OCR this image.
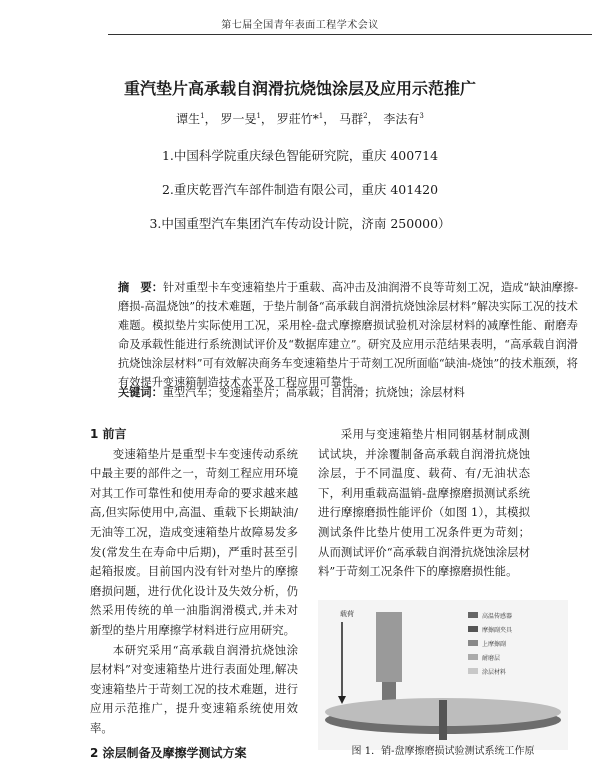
第七届全国青年表面工程学术会议
重汽垫片高承载自润滑抗烧蚀涂层及应用示范推广
谭生$^1$， 罗一旻$^1$， 罗莊竹*$^1$， 马群$^2$， 李法有$^3$
1.中国科学院重庆绿色智能研究院，重庆 400714
2.重庆乾晋汽车部件制造有限公司，重庆 401420
3.中国重型汽车集团汽车传动设计院，济南 250000）
摘　要：针对重型卡车变速箱垫片于重载、高冲击及油润滑不良等苛刻工况，造成“缺油摩擦-磨损-高温烧蚀”的技术难题，于垫片制备“高承载自润滑抗烧蚀涂层材料”解决实际工况的技术难题。模拟垫片实际使用工况，采用栓-盘式摩擦磨损试验机对涂层材料的减摩性能、耐磨寿命及承载性能进行系统测试评价及“数据库建立”。研究及应用示范结果表明，“高承载自润滑抗烧蚀涂层材料”可有效解决商务车变速箱垫片于苛刻工况所面临“缺油-烧蚀”的技术瓶颈，将有效提升变速箱制造技术水平及工程应用可靠性。
关键词：重型汽车；变速箱垫片；高承载；自润滑；抗烧蚀；涂层材料
1 前言

变速箱垫片是重型卡车变速传动系统中最主要的部件之一，苛刻工程应用环境对其工作可靠性和使用寿命的要求越来越高,但实际使用中,高温、重载下长期缺油/无油等工况，造成变速箱垫片故障易发多发(常发生在寿命中后期)，严重时甚至引起箱报废。目前国内没有针对垫片的摩擦磨损问题，进行优化设计及失效分析，仍然采用传统的单一油脂润滑模式,并未对新型的垫片用摩擦学材料进行应用研究。

本研究采用“高承载自润滑抗烧蚀涂层材料”对变速箱垫片进行表面处理,解决变速箱垫片于苛刻工况的技术难题，进行应用示范推广，提升变速箱系统使用效率。

2 涂层制备及摩擦学测试方案

采用与变速箱垫片相同钢基材制成测试试块，并涂覆制备高承载自润滑抗烧蚀涂层，于不同温度、载荷、有/无油状态下，利用重载高温销-盘摩擦磨损测试系统进行摩擦磨损性能评价（如图 1），其模拟测试条件比垫片使用工况条件更为苛刻；从而测试评价“高承载自润滑抗烧蚀涂层材料”于苛刻工况条件下的摩擦磨损性能。

载荷	高温传感器
摩擦副夹具
上摩擦副
耐磨层
涂层材料
图 1．销-盘摩擦磨损试验测试系统工作原
